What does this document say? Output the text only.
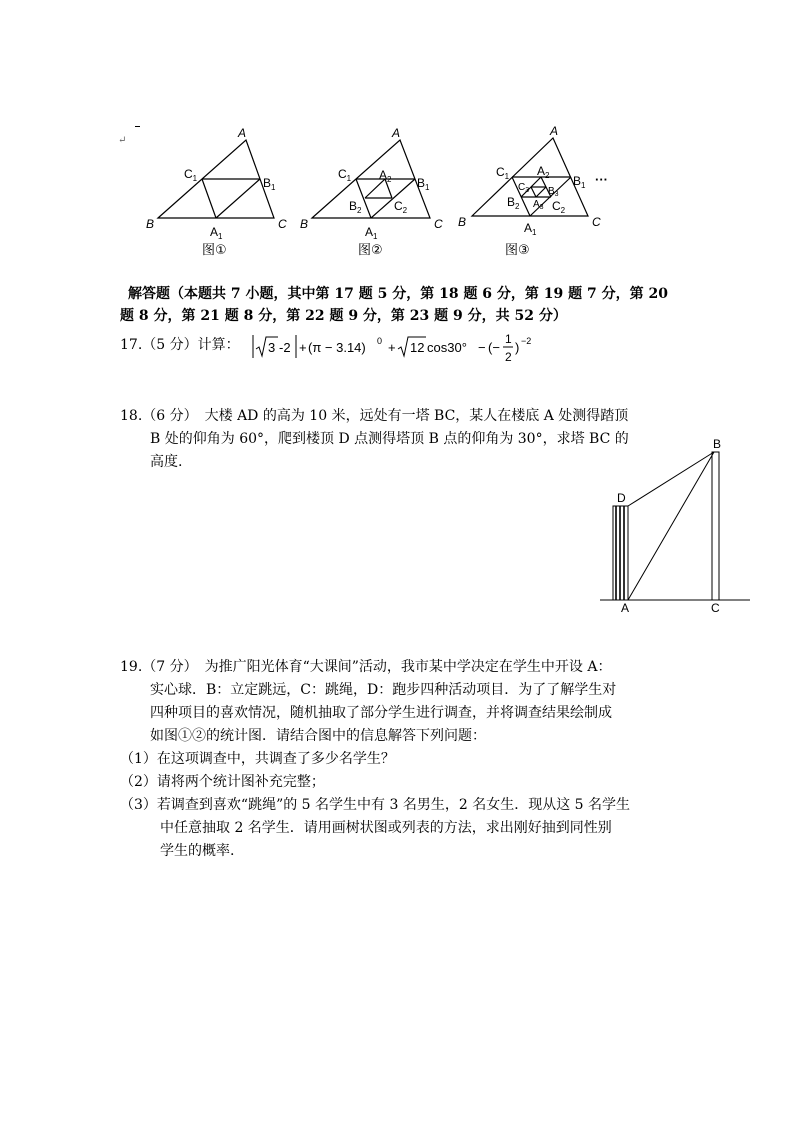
↵
A
B	C
$C_1$	$B_1$
$A_1$
图①
A
B	C
$C_1$	$B_1$
$A_1$
$A_2$
$B_2$	$C_2$
图②
A
B	C
$C_1$	$B_1$ ···
$A_1$
$A_2$
$B_2$	$C_2$
$C_3$ $B_3$
$A_3$
图③
解答题（本题共 7 小题，其中第 17 题 5 分，第 18 题 6 分，第 19 题 7 分，第 20
题 8 分，第 21 题 8 分，第 22 题 9 分，第 23 题 9 分，共 52 分）
17.（5 分）计算： 3 -2 + (π − 3.14) 0 + 12 cos30° − (−
1
2
) −2
18.（6 分）　大楼 AD 的高为 10 米，远处有一塔 BC，某人在楼底 A 处测得踏顶
B 处的仰角为 60°，爬到楼顶 D 点测得塔顶 B 点的仰角为 30°，求塔 BC 的
高度.
B
D
A	C
19.（7 分）　为推广阳光体育“大课间”活动，我市某中学决定在学生中开设 A：
实心球．B：立定跳远，C：跳绳，D：跑步四种活动项目．为了了解学生对
四种项目的喜欢情况，随机抽取了部分学生进行调查，并将调查结果绘制成
如图①②的统计图．请结合图中的信息解答下列问题：
（1）在这项调查中，共调查了多少名学生？
（2）请将两个统计图补充完整；
（3）若调查到喜欢“跳绳”的 5 名学生中有 3 名男生，2 名女生．现从这 5 名学生
中任意抽取 2 名学生．请用画树状图或列表的方法，求出刚好抽到同性别
学生的概率.
